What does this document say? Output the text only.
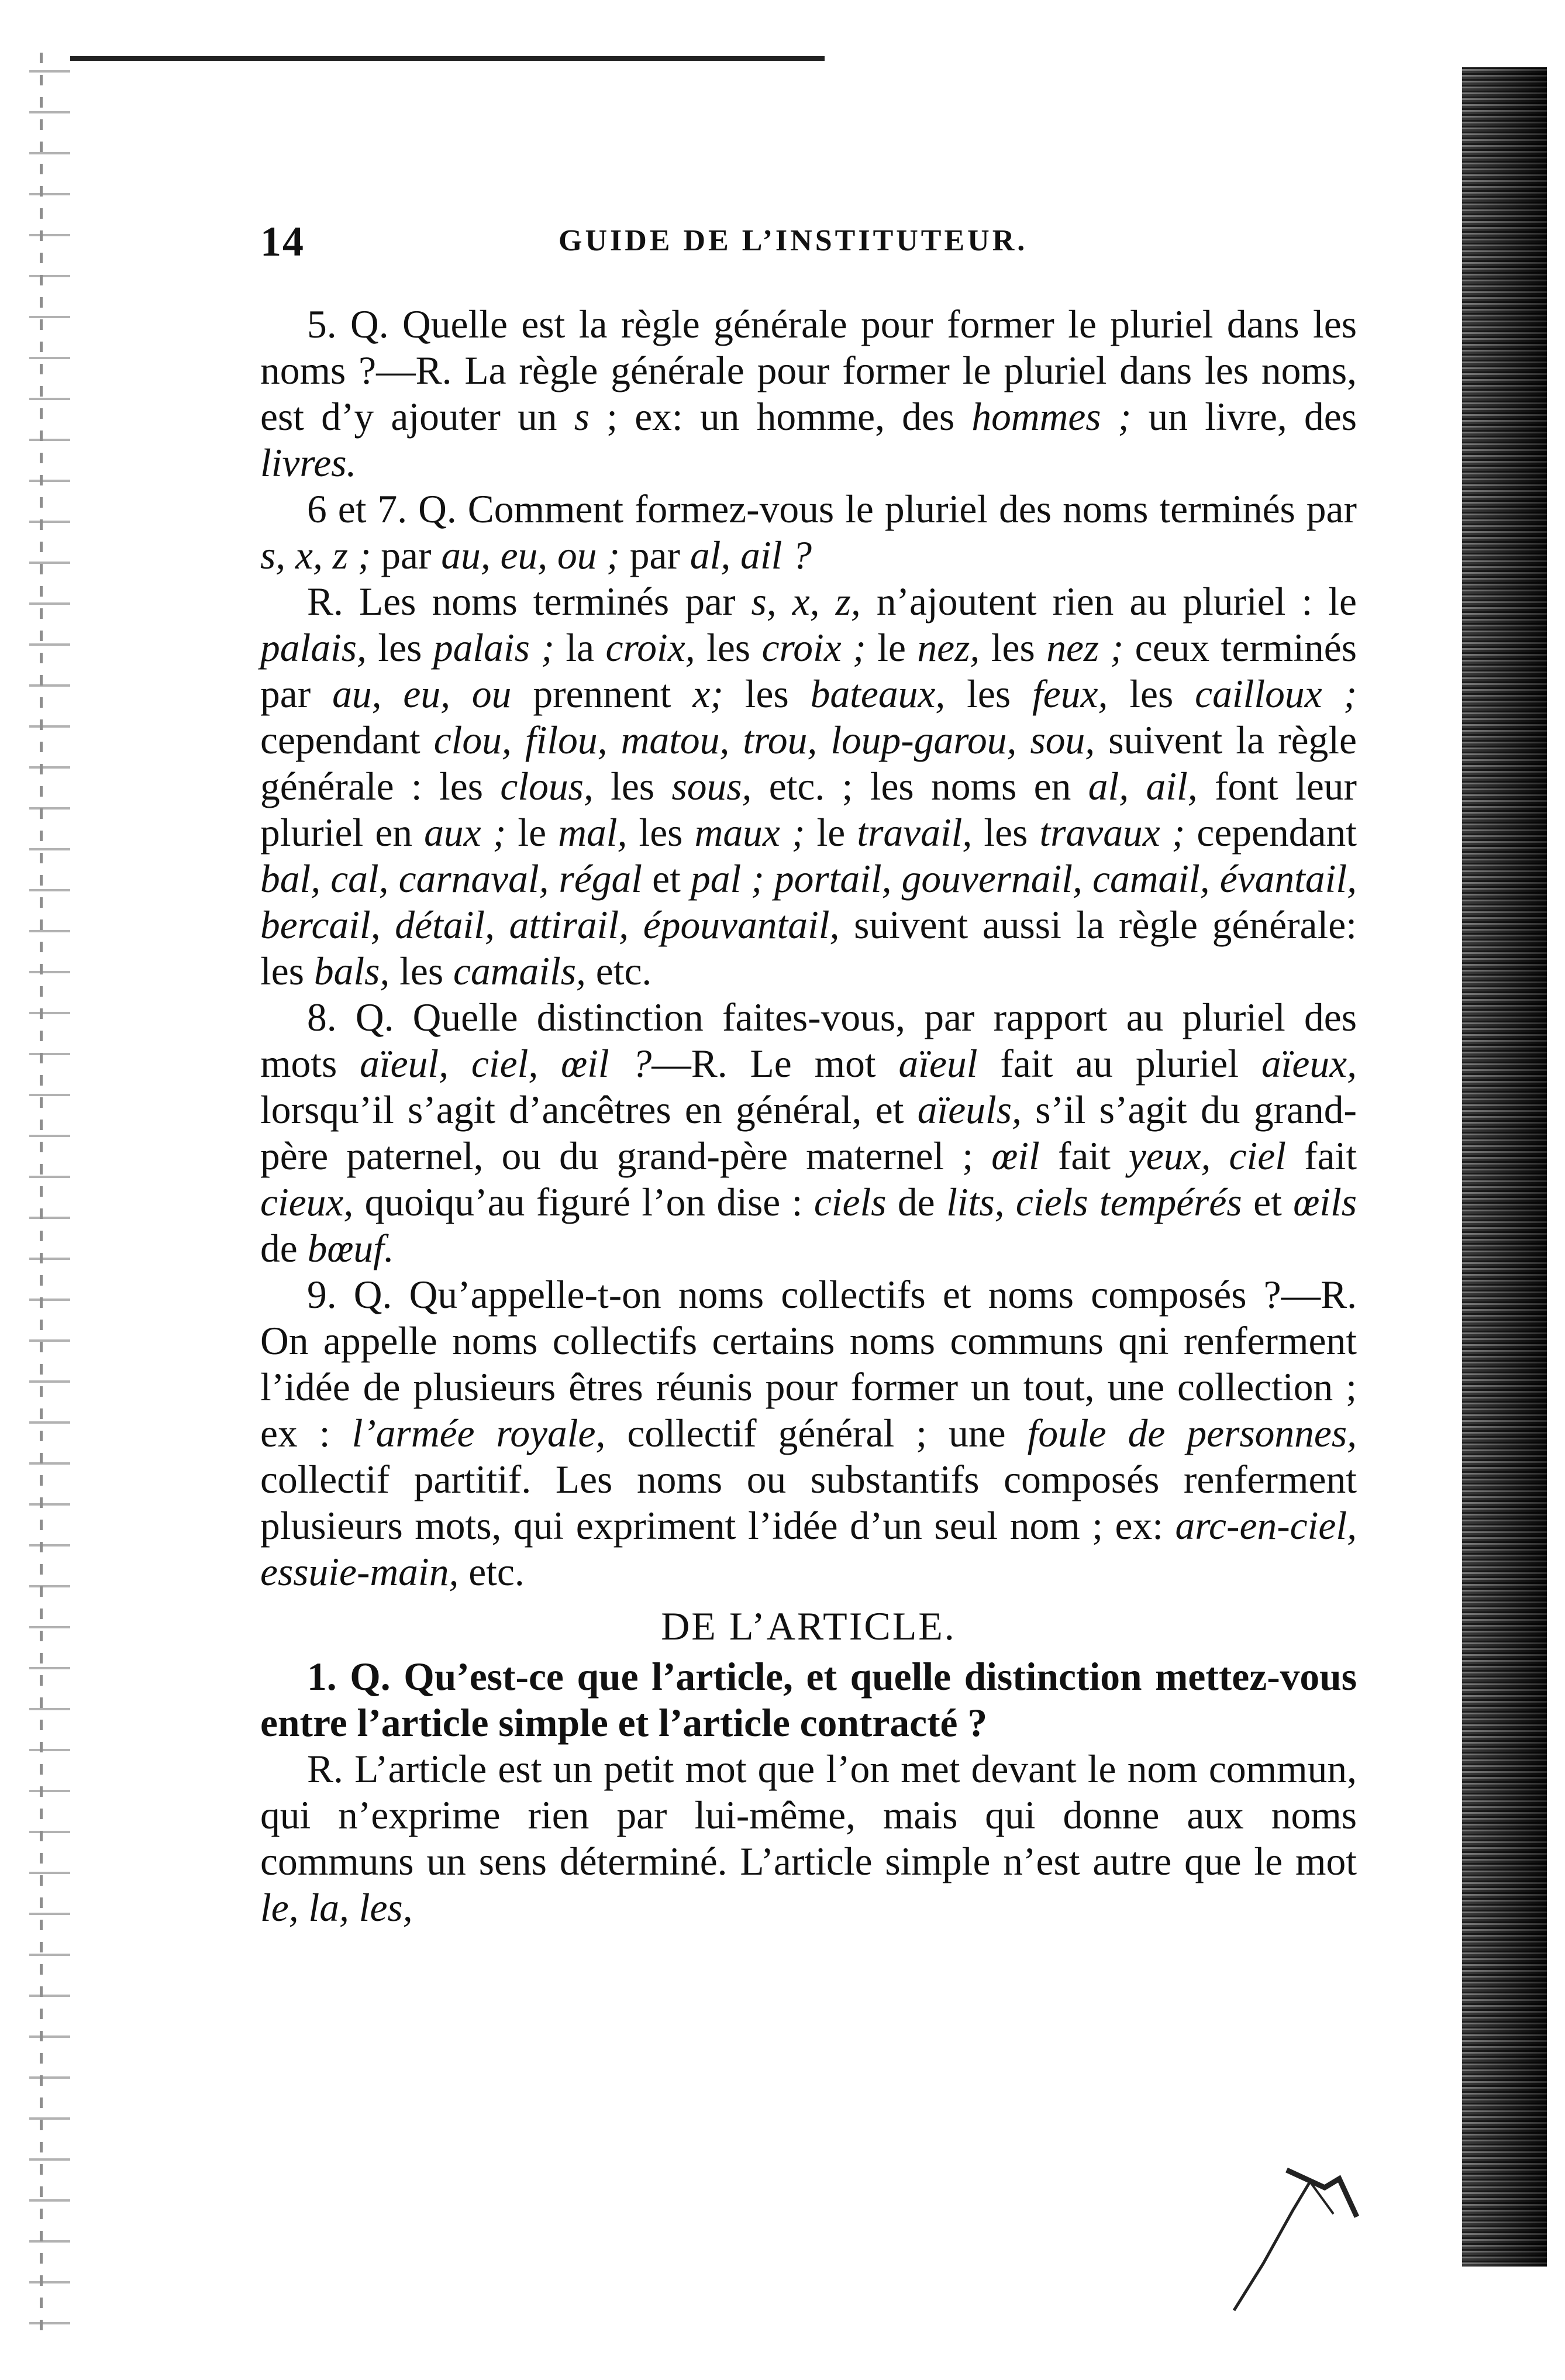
14	GUIDE DE L’INSTITUTEUR.

5. Q. Quelle est la règle générale pour former le pluriel dans les noms ?—R. La règle générale pour former le pluriel dans les noms, est d’y ajouter un s ; ex: un homme, des hommes ; un livre, des livres.

6 et 7. Q. Comment formez-vous le pluriel des noms terminés par s, x, z ; par au, eu, ou ; par al, ail ?

R. Les noms terminés par s, x, z, n’ajoutent rien au pluriel : le palais, les palais ; la croix, les croix ; le nez, les nez ; ceux terminés par au, eu, ou prennent x; les bateaux, les feux, les cailloux ; cependant clou, filou, matou, trou, loup-garou, sou, suivent la règle générale : les clous, les sous, etc. ; les noms en al, ail, font leur pluriel en aux ; le mal, les maux ; le travail, les travaux ; cependant bal, cal, carnaval, régal et pal ; portail, gouvernail, camail, évantail, bercail, détail, attirail, épouvantail, suivent aussi la règle générale: les bals, les camails, etc.

8. Q. Quelle distinction faites-vous, par rapport au pluriel des mots aïeul, ciel, œil ?—R. Le mot aïeul fait au pluriel aïeux, lorsqu’il s’agit d’ancêtres en général, et aïeuls, s’il s’agit du grand-père paternel, ou du grand-père maternel ; œil fait yeux, ciel fait cieux, quoiqu’au figuré l’on dise : ciels de lits, ciels tempérés et œils de bœuf.

9. Q. Qu’appelle-t-on noms collectifs et noms composés ?—R. On appelle noms collectifs certains noms communs qni renferment l’idée de plusieurs êtres réunis pour former un tout, une collection ; ex : l’armée royale, collectif général ; une foule de personnes, collectif partitif. Les noms ou substantifs composés renferment plusieurs mots, qui expriment l’idée d’un seul nom ; ex: arc-en-ciel, essuie-main, etc.

DE L’ARTICLE.

1. Q. Qu’est-ce que l’article, et quelle distinction mettez-vous entre l’article simple et l’article contracté ?

R. L’article est un petit mot que l’on met devant le nom commun, qui n’exprime rien par lui-même, mais qui donne aux noms communs un sens déterminé. L’article simple n’est autre que le mot le, la, les,
